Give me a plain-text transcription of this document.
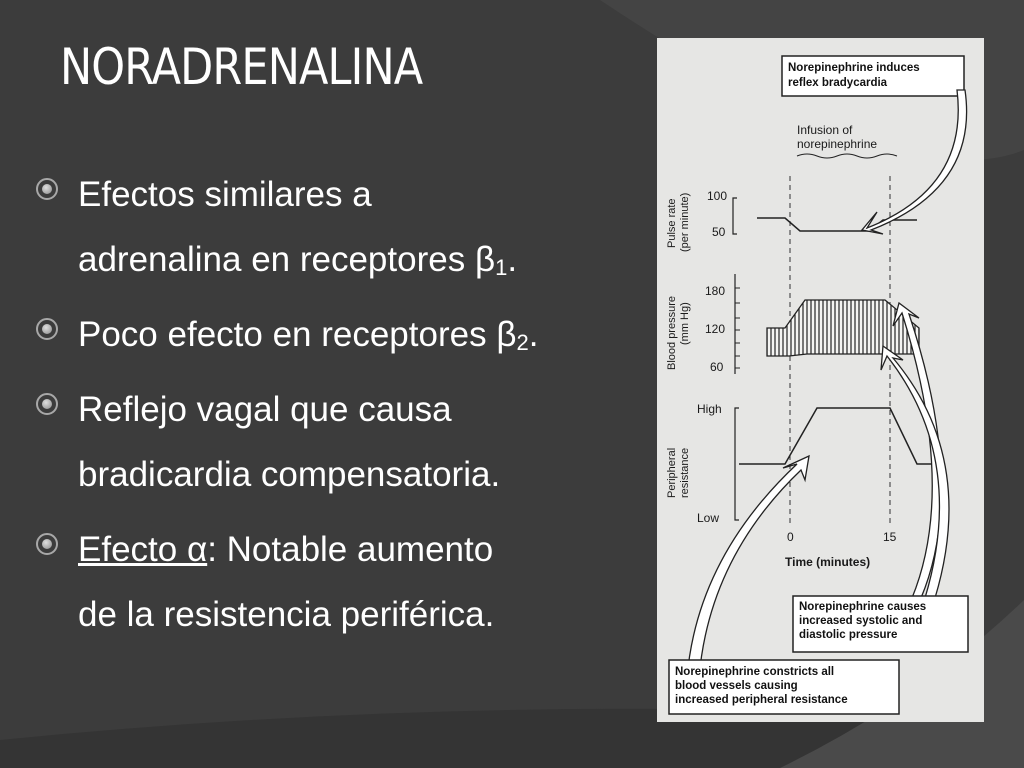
NORADRENALINA
Efectos similares a
adrenalina en receptores $\beta_1$.
Poco efecto en receptores $\beta_2$.
Reflejo vagal que causa
bradicardia compensatoria.
Efecto α: Notable aumento
de la resistencia periférica.
Norepinephrine induces
reflex bradycardia
Infusion of
norepinephrine
Pulse rate (per minute) 100
50
Blood pressure (mm Hg)
180
120
60
Peripheral resistance
High
Low
0	15
Time (minutes)
Norepinephrine causes
increased systolic and
diastolic pressure
Norepinephrine constricts all
blood vessels causing
increased peripheral resistance
